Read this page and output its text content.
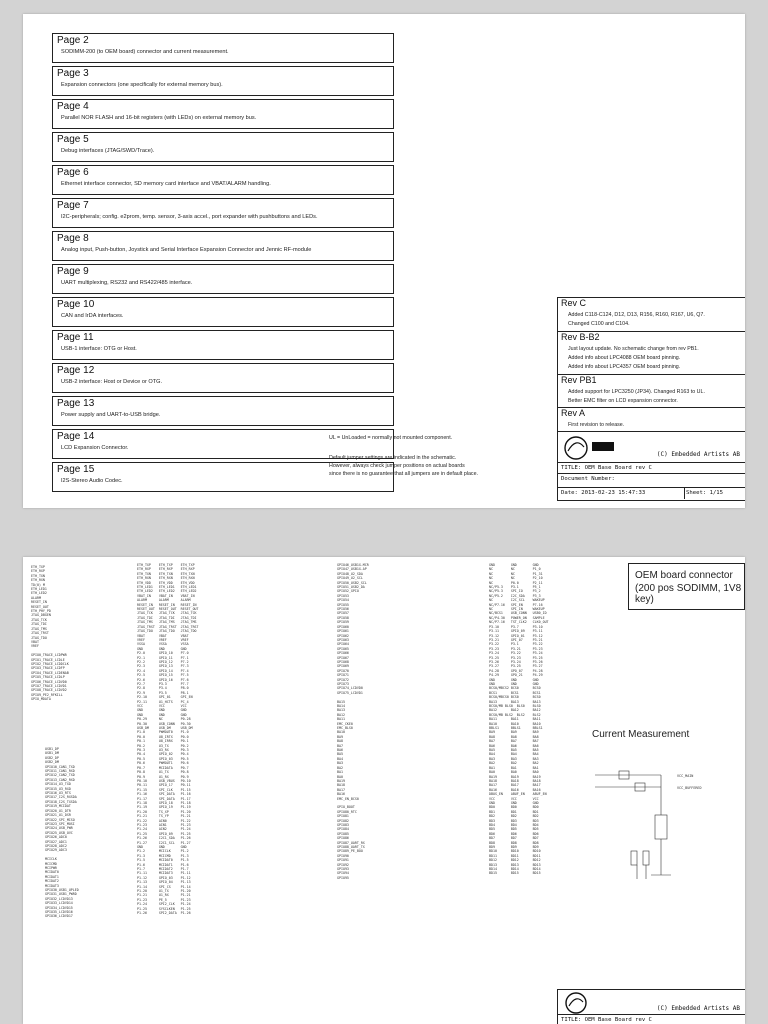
Page 2
SODIMM-200 (to OEM board) connector and current measurement.
Page 3
Expansion connectors (one specifically for external memory bus).
Page 4
Parallel NOR FLASH and 16-bit registers (with LEDs) on external memory bus.
Page 5
Debug interfaces (JTAG/SWD/Trace).
Page 6
Ethernet interface connector, SD memory card interface and VBAT/ALARM handling.
Page 7
I2C-peripherals; config. e2prom, temp. sensor, 3-axis accel., port expander with pushbuttons and LEDs.
Page 8
Analog input, Push-button, Joystick and Serial Interface Expansion Connector and Jennic RF-module
Page 9
UART multiplexing, RS232 and RS422/485 interface.
Page 10
CAN and IrDA interfaces.
Page 11
USB-1 interface: OTG or Host.
Page 12
USB-2 interface: Host or Device or OTG.
Page 13
Power supply and UART-to-USB bridge.
Page 14
LCD Expansion Connector.
Page 15
I2S-Stereo Audio Codec.
UL = UnLoaded = normally not mounted component.
Default jumper settings are indicated in the schematic.
However, always check jumper positions on actual boards
since there is no guarantee that all jumpers are in default place.
Rev C
Added C118-C124, D12, D13, R156, R160, R167, U6, Q7.
Changed C100 and C104.
Rev B-B2
Just layout update. No schematic change from rev PB1.
Added info about LPC4088 OEM board pinning.
Added info about LPC4357 OEM board pinning.
Rev PB1
Added support for LPC3250 (JP34). Changed R163 to UL.
Better EMC filter on LCD expansion connector.
Rev A
First revision to release.
(C) Embedded Artists AB
TITLE: OEM Base Board rev C
Document Number:
Date: 2013-02-23 15:47:33	Sheet: 1/15
ETH_TXP
ETH_RXP
ETH_TXN
ETH_RXN
TD(0) M
ETH_LED1
ETH_LED2
ALARM
RESET_IN
RESET_OUT
ETH_PHY_PD
JTAG_DBGEN
JTAG_TCK
JTAG_TDI
JTAG_TMS
JTAG_TRST
JTAG_TDO
VBAT
VREF

GPIO0_TRACE_LCDPWR
GPIO1_TRACE_LCDLE
GPIO2_TRACE_LCDDCLK
GPIO3_TRACE_LCDFP
GPIO4_TRACE_LCDENAB
GPIO5_TRACE_LCDLP
GPIO6_TRACE_LCDVD0
GPIO7_TRACE_LCDVD1
GPIO8_TRACE_LCDVD2
GPIO9_PE2_RFKILL
GPIO_MDATA
USB1_DP
USB1_DM
USB2_DP
USB2_DM
GPIO10_CAN1_TXD
GPIO11_CAN1_RXD
GPIO12_CAN2_TXD
GPIO13_CAN2_RXD
GPIO14_U3_TXD
GPIO15_U3_RXD
GPIO16_U3_RTS
GPIO17_I2S_RXSDA
GPIO18_I2S_TXSDA
GPIO19_MCIDAT
GPIO20_U1_DTR
GPIO21_U1_DSR
GPIO22_SPI_MISO
GPIO23_SPI_MOSI
GPIO24_USB_PWR
GPIO25_USB_OVC
GPIO26_ADC0
GPIO27_ADC1
GPIO28_ADC2
GPIO29_ADC3

MCICLK
MCICMD
MCIPWR
MCIDAT0
MCIDAT1
MCIDAT2
MCIDAT3
GPIO30_USB1_UPLED
GPIO31_USB1_PWRD
GPIO32_LCDVD13
GPIO33_LCDVD14
GPIO34_LCDVD15
GPIO35_LCDVD16
GPIO36_LCDVD17
ETH_TXP    ETH_TXP    ETH_TXP
ETH_RXP    ETH_RXP    ETH_RXP
ETH_TXN    ETH_TXN    ETH_TXN
ETH_RXN    ETH_RXN    ETH_RXN
ETH_VDD    ETH_VDD    ETH_VDD
ETH_LED1   ETH_LED1   ETH_LED1
ETH_LED2   ETH_LED2   ETH_LED2
VBAT_IN    VBAT_IN    VBAT_IN
ALARM      ALARM      ALARM
RESET_IN   RESET_IN   RESET_IN
RESET_OUT  RESET_OUT  RESET_OUT
JTAG_TCK   JTAG_TCK   JTAG_TCK
JTAG_TDI   JTAG_TDI   JTAG_TDI
JTAG_TMS   JTAG_TMS   JTAG_TMS
JTAG_TRST  JTAG_TRST  JTAG_TRST
JTAG_TDO   JTAG_TDO   JTAG_TDO
VBAT       VBAT       VBAT
VREF       VREF       VREF
VSSA       VSSA       VSSA
GND        GND        GND
P2.0       GPIO_10    P7.0
P2.1       GPIO_11    P7.1
P2.2       GPIO_12    P7.2
P2.3       GPIO_13    P7.3
P2.4       GPIO_14    P7.4
P2.5       GPIO_15    P7.5
P2.6       GPIO_16    P7.6
P2.7       P3.3       P7.7
P2.8       P3.4       P8.0
P2.9       P3.5       P8.1
P2.10      GPI_01     GPI_EN
P2.11      U1_HCTS    PC_4
VCC        VCC        VCC
GND        GND        GND
GND        GND        GND
P0.29      NC         P0.28
P0.30      USB_CONN   P0.30
USB_DM     USB_DM     USB_DM
P1.0       PWMOUT0    P1.0
P0.0       U8_IRTX    P0.0
P0.1       U8_IRRX    P0.1
P0.2       U3_TX      P0.2
P0.3       U3_RX      P0.3
P0.4       GPIO_02    P0.4
P0.5       GPIO_03    P0.5
P0.6       PWMOUT1    P0.6
P0.7       MCIDATA    P0.7
P0.8       U1_TX      P0.8
P0.9       U1_RX      P0.9
P0.10      USB_VBUS   P0.10
P0.11      GPIO_17    P0.11
P1.15      SPI_CLK    P1.15
P1.16      SPI_DATA   P1.16
P1.17      SPI_DATA   P1.17
P1.18      GPIO_18    P1.18
P1.19      GPIO_19    P1.19
P1.20      TS_XP      P1.20
P1.21      TS_YP      P1.21
P1.22      AIN0       P1.22
P1.23      AIN1       P1.23
P1.24      AIN2       P1.24
P1.25      GPIO_09    P1.25
P1.26      I2C1_SDA   P1.26
P1.27      I2C1_SCL   P1.27
GND        GND        GND
P1.2       MCICLK     P1.2
P1.3       MCICMD     P1.3
P1.5       MCIDAT0    P1.5
P1.6       MCIDAT1    P1.6
P1.7       MCIDAT2    P1.7
P1.11      MCIDAT3    P1.11
P1.12      GPIO_03    P1.12
P1.13      GPIO_04    P1.13
P1.14      SPI_CS     P1.14
P1.20      U1_TX      P1.20
P1.21      U1_RX      P1.21
P1.23      PE_5       P1.23
P1.24      SPI2_CLK   P1.24
P1.25      SYSCLKEN   P1.25
P1.26      SPI2_DATA  P1.26
GPIO46_USB1X-MCR
GPIO47_USB1X-AP
GPIO48_U2_SDA
GPIO49_U2_SCL
GPIO50_USB2_SCL
GPIO51_USB2_DA
GPIO52_GPIO
GPIO53
GPIO54
GPIO55
GPIO56
GPIO57
GPIO58
GPIO59
GPIO60
GPIO61
GPIO62
GPIO63
GPIO64
GPIO65
GPIO66
GPIO67
GPIO68
GPIO69
GPIO70
GPIO71
GPIO72
GPIO73
GPIO74_LCDVD0
GPIO75_LCDVD1

BA15
BA14
BA13
BA12
BA11
EMC_CKE0
EMC_BLS0
BA10
BA9
BA8
BA7
BA6
BA5
BA4
BA3
BA2
BA1
BA0
BA19
BA18
BA17
BA16
EMC_EN_BCS0

GPIO_BOOT
GPIO80_RTC
GPIO81
GPIO82
GPIO83
GPIO84
GPIO85
GPIO86
GPIO87_UART_RX
GPIO88_UART_TX
GPIO89_PE_BOO
GPIO90
GPIO91
GPIO92
GPIO93
GPIO94
GPIO95
GND        GND        GND
NC         NC         P1_0
NC         NC         P1_31
NC         NC         P2_10
NC         P0.0       P2_11
NC/P5.3    P3.1       P5_1
NC/P5.3    SPI_IO     P3_2
NC/P5.2    I2C_SDA    P3_3
NC         I2C_SCL    WAKEUP
NC/P7.16   SPI_EN     P7.16
NC         SPI_IN     WAKEUP
NC/BCS1    USB_CONN   USB0_ID
NC/P4.30   POWER_ON   SAMPLE
NC/P7.16   TST_CLK2   CLK0_OUT
P3.10      P3.7       P3.10
P3.11      GPIO_09    P3.11
P3.12      GPIO_01    P3.12
P3.21      GPI_07     P3.21
P3.22      P3.1       P3.22
P3.23      P3.21      P3.23
P3.24      P3.22      P3.24
P3.25      P3.23      P3.25
P3.26      P3.24      P3.26
P3.27      P3.25      P3.27
P4.28      GPO_07     P4.28
P4.29      GPO_21     P4.29
GND        GND        GND
GND        GND        GND
BCS0/MBCS2 BCS0       BCS0
BCS1       BCS1       BCS1
BCS0/MBCS0 BCS0       BCS0
BA13       BA13       BA13
BCS0/MB BLS0  BLS0    BLS0
BA12       BA12       BA12
BCS0/MB BLS2  BLS2    BLS2
BA11       BA11       BA11
BA10       BA10       BA10
BBLS1      BBLS1      BBLS1
BA9        BA9        BA9
BA8        BA8        BA8
BA7        BA7        BA7
BA6        BA6        BA6
BA5        BA5        BA5
BA4        BA4        BA4
BA3        BA3        BA3
BA2        BA2        BA2
BA1        BA1        BA1
BA0        BA0        BA0
BA19       BA19       BA19
BA18       BA18       BA18
BA17       BA17       BA17
BA16       BA16       BA16
DBUS_EN    ABUF_EN    ABUF_EN
VCC        VCC        VCC
GND        GND        GND
BD0        BD0        BD0
BD1        BD1        BD1
BD2        BD2        BD2
BD3        BD3        BD3
BD4        BD4        BD4
BD5        BD5        BD5
BD6        BD6        BD6
BD7        BD7        BD7
BD8        BD8        BD8
BD9        BD9        BD9
BD10       BD10       BD10
BD11       BD11       BD11
BD12       BD12       BD12
BD13       BD13       BD13
BD14       BD14       BD14
BD15       BD15       BD15
OEM board connector
(200 pos SODIMM, 1V8 key)
Current Measurement
VCC_MAIN
VCC_BUFFERED
(C) Embedded Artists AB
TITLE: OEM Base Board rev C
